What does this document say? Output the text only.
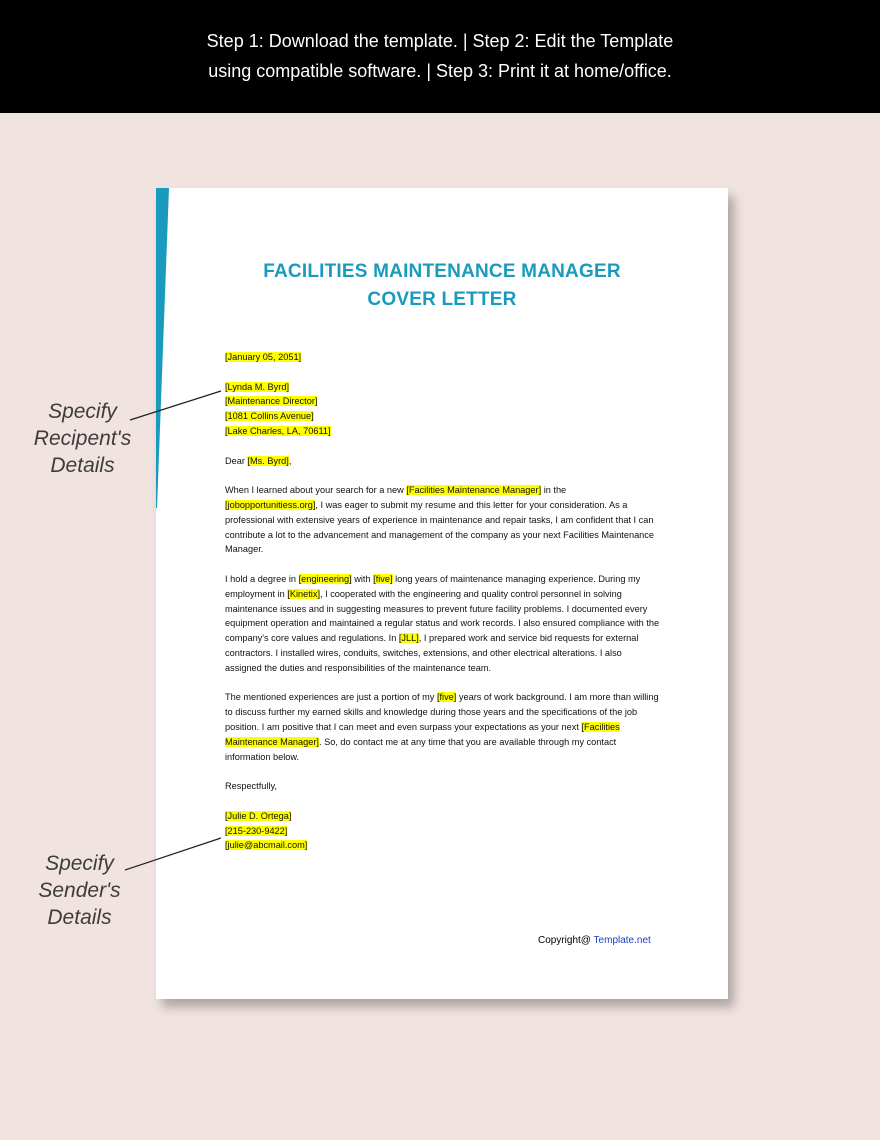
Step 1: Download the template. | Step 2: Edit the Template
using compatible software. | Step 3: Print it at home/office.
FACILITIES MAINTENANCE MANAGER
COVER LETTER

[January 05, 2051]

[Lynda M. Byrd]
[Maintenance Director]
[1081 Collins Avenue]
[Lake Charles, LA, 70611]

Dear [Ms. Byrd],

When I learned about your search for a new [Facilities Maintenance Manager] in the [jobopportunitiess.org], I was eager to submit my resume and this letter for your consideration. As a professional with extensive years of experience in maintenance and repair tasks, I am confident that I can contribute a lot to the advancement and management of the company as your next Facilities Maintenance Manager.

I hold a degree in [engineering] with [five] long years of maintenance managing experience. During my employment in [Kinetix], I cooperated with the engineering and quality control personnel in solving maintenance issues and in suggesting measures to prevent future facility problems. I documented every equipment operation and maintained a regular status and work records. I also ensured compliance with the company's core values and regulations. In [JLL], I prepared work and service bid requests for external contractors. I installed wires, conduits, switches, extensions, and other electrical alterations. I also assigned the duties and responsibilities of the maintenance team.

The mentioned experiences are just a portion of my [five] years of work background. I am more than willing to discuss further my earned skills and knowledge during those years and the specifications of the job position. I am positive that I can meet and even surpass your expectations as your next [Facilities Maintenance Manager]. So, do contact me at any time that you are available through my contact information below.

Respectfully,

[Julie D. Ortega]
[215-230-9422]
[julie@abcmail.com]

Copyright@ Template.net
Specify
Recipent's
Details
Specify
Sender's
Details
